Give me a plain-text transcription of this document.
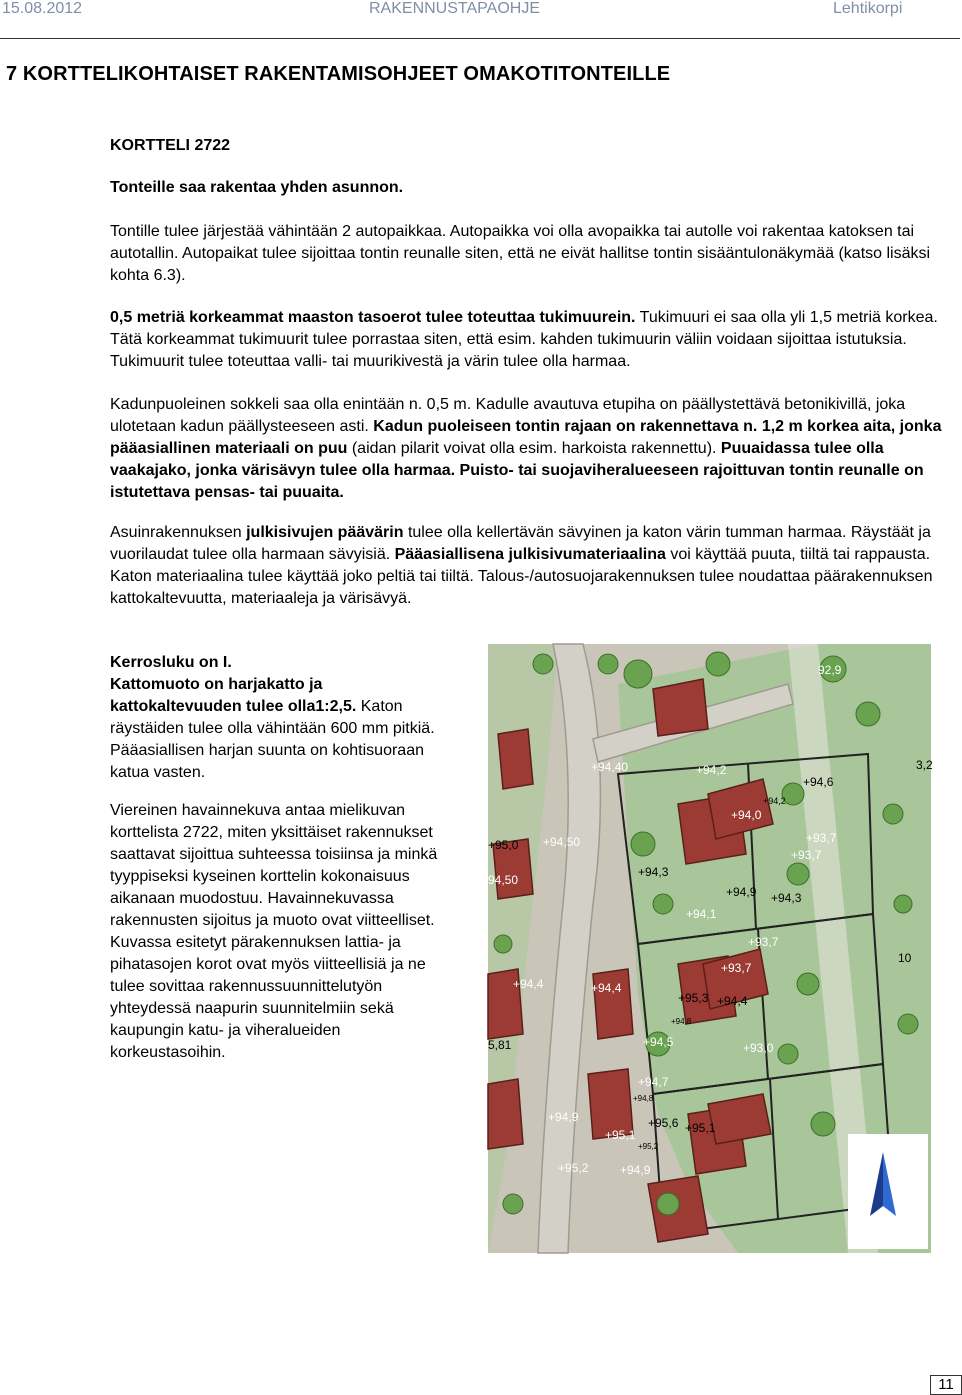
15.08.2012	RAKENNUSTAPAOHJE	Lehtikorpi
7 KORTTELIKOHTAISET RAKENTAMISOHJEET OMAKOTITONTEILLE

KORTTELI 2722

Tonteille saa rakentaa yhden asunnon.

Tontille tulee järjestää vähintään 2 autopaikkaa. Autopaikka voi olla avopaikka tai autolle voi rakentaa katoksen tai autotallin. Autopaikat tulee sijoittaa tontin reunalle siten, että ne eivät hallitse tontin sisääntulonäkymää (katso lisäksi kohta 6.3).

0,5 metriä korkeammat maaston tasoerot tulee toteuttaa tukimuurein. Tukimuuri ei saa olla yli 1,5 metriä korkea. Tätä korkeammat tukimuurit tulee porrastaa siten, että esim. kahden tukimuurin väliin voidaan sijoittaa istutuksia. Tukimuurit tulee toteuttaa valli- tai muurikivestä ja värin tulee olla harmaa.

Kadunpuoleinen sokkeli saa olla enintään n. 0,5 m. Kadulle avautuva etupiha on päällystettävä betonikivillä, joka ulotetaan kadun päällysteeseen asti. Kadun puoleiseen tontin rajaan on rakennettava n. 1,2 m korkea aita, jonka pääasiallinen materiaali on puu (aidan pilarit voivat olla esim. harkoista rakennettu). Puuaidassa tulee olla vaakajako, jonka värisävyn tulee olla harmaa. Puisto- tai suojaviheralueeseen rajoittuvan tontin reunalle on istutettava pensas- tai puuaita.

Asuinrakennuksen julkisivujen päävärin tulee olla kellertävän sävyinen ja katon värin tumman harmaa. Räystäät ja vuorilaudat tulee olla harmaan sävyisiä. Pääasiallisena julkisivumateriaalina voi käyttää puuta, tiiltä tai rappausta. Katon materiaalina tulee käyttää joko peltiä tai tiiltä. Talous-/autosuojarakennuksen tulee noudattaa päärakennuksen kattokaltevuutta, materiaaleja ja värisävyä.

Kerrosluku on I.

Kattomuoto on harjakatto ja kattokaltevuuden tulee olla1:2,5. Katon räystäiden tulee olla vähintään 600 mm pitkiä. Pääasiallisen harjan suunta on kohtisuoraan katua vasten.

Viereinen havainnekuva antaa mielikuvan korttelista 2722, miten yksittäiset rakennukset saattavat sijoittua suhteessa toisiinsa ja minkä tyyppiseksi kyseinen korttelin kokonaisuus aikanaan muodostuu. Havainnekuvassa rakennusten sijoitus ja muoto ovat viitteelliset. Kuvassa esitetyt pärakennuksen lattia- ja pihatasojen korot ovat myös viitteellisiä ja ne tulee sovittaa rakennussuunnittelutyön yhteydessä naapurin suunnitelmiin sekä kaupungin katu- ja viheralueiden korkeustasoihin.

92,9
+94,40	+94,2
+94,6
+94,2
+94,0
+93,7
+95,0 +94,50
+93,7
+94,3
94,50
+94,9 +94,3
+94,1
+93,7
+93,7
+94,4	+94,4
+95,3 +94,4
+94,8
+94,5	+93,0
5,81
+94,7
+94,8
+94,9	+95,6 +95,1
+95,1
+95,2
+95,2	+94,9
3,2
10
11
